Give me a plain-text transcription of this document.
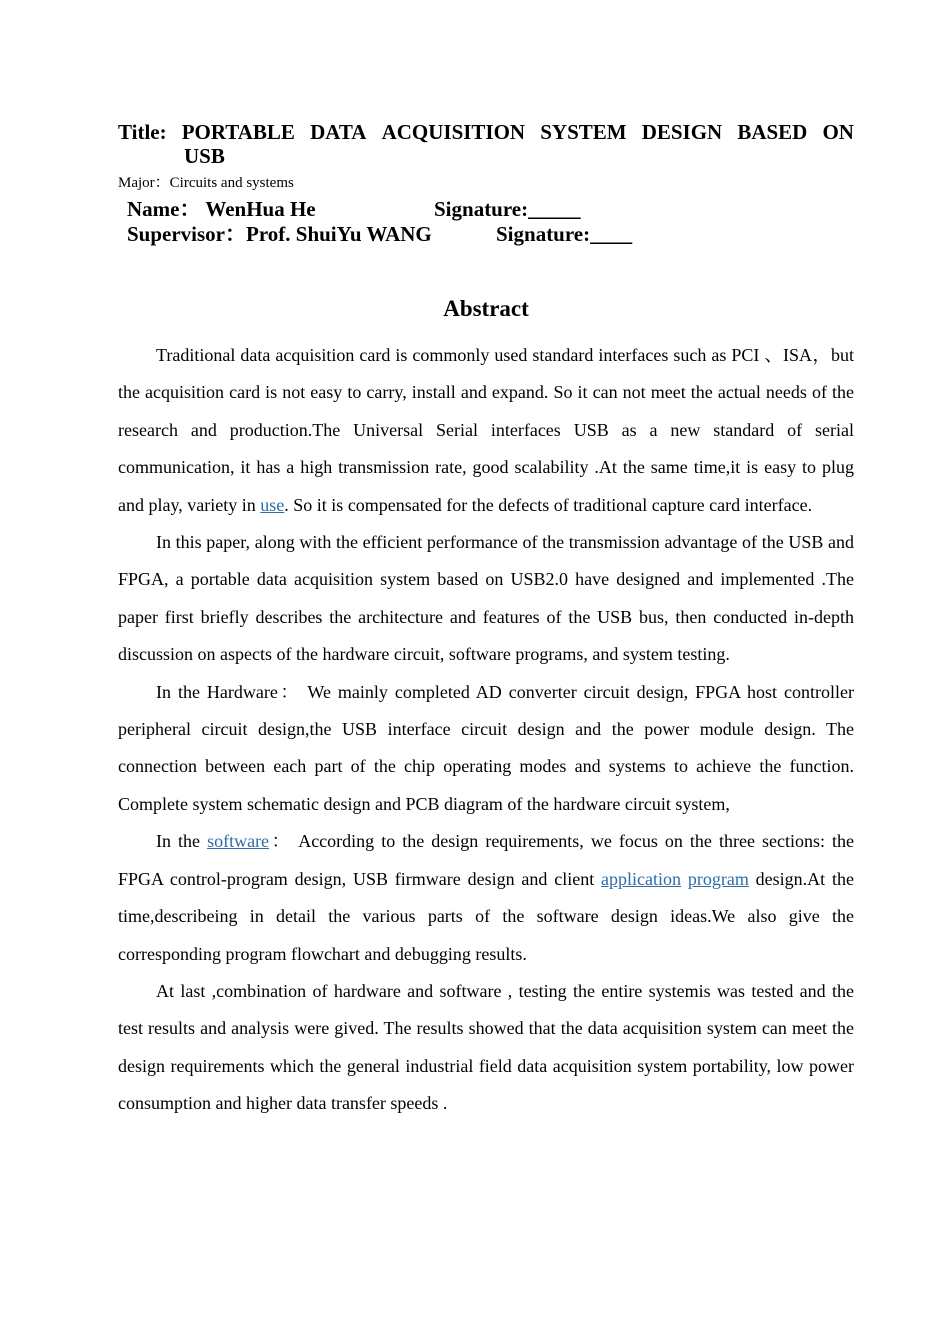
Title: PORTABLE DATA ACQUISITION SYSTEM DESIGN BASED ON
USB
Major：Circuits and systems
Name： WenHua He	Signature:_____
Supervisor：Prof. ShuiYu WANG	Signature:____
Abstract

Traditional data acquisition card is commonly used standard interfaces such as PCI 、ISA，but the acquisition card is not easy to carry, install and expand. So it can not meet the actual needs of the research and production.The Universal Serial interfaces USB as a new standard of serial communication, it has a high transmission rate, good scalability .At the same time,it is easy to plug and play, variety in use. So it is compensated for the defects of traditional capture card interface.

In this paper, along with the efficient performance of the transmission advantage of the USB and FPGA, a portable data acquisition system based on USB2.0 have designed and implemented .The paper first briefly describes the architecture and features of the USB bus, then conducted in-depth discussion on aspects of the hardware circuit, software programs, and system testing.

In the Hardware： We mainly completed AD converter circuit design, FPGA host controller peripheral circuit design,the USB interface circuit design and the power module design. The connection between each part of the chip operating modes and systems to achieve the function. Complete system schematic design and PCB diagram of the hardware circuit system,

In the software： According to the design requirements, we focus on the three sections: the FPGA control-program design, USB firmware design and client application program design.At the time,describeing in detail the various parts of the software design ideas.We also give the corresponding program flowchart and debugging results.

At last ,combination of hardware and software , testing the entire systemis was tested and the test results and analysis were gived. The results showed that the data acquisition system can meet the design requirements which the general industrial field data acquisition system portability, low power consumption and higher data transfer speeds .
